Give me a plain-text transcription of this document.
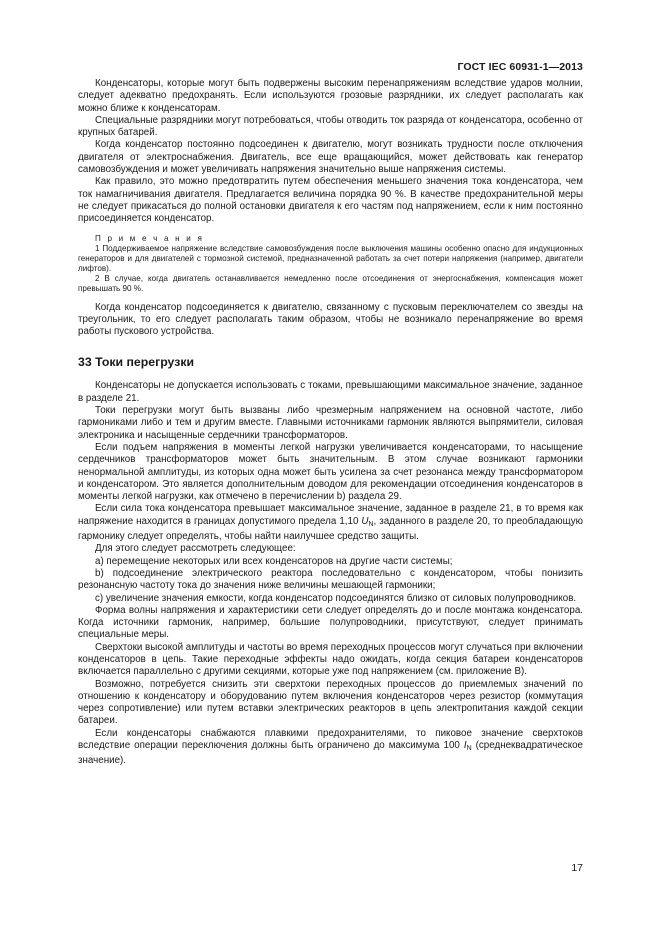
ГОСТ IEC 60931-1—2013

Конденсаторы, которые могут быть подвержены высоким перенапряжениям вследствие ударов молнии, следует адекватно предохранять. Если используются грозовые разрядники, их следует располагать как можно ближе к конденсаторам.

Специальные разрядники могут потребоваться, чтобы отводить ток разряда от конденсатора, особенно от крупных батарей.

Когда конденсатор постоянно подсоединен к двигателю, могут возникать трудности после отключения двигателя от электроснабжения. Двигатель, все еще вращающийся, может действовать как генератор самовозбуждения и может увеличивать напряжения значительно выше напряжения системы.

Как правило, это можно предотвратить путем обеспечения меньшего значения тока конденсатора, чем ток намагничивания двигателя. Предлагается величина порядка 90 %. В качестве предохранительной меры не следует прикасаться до полной остановки двигателя к его частям под напряжением, если к ним постоянно присоединяется конденсатор.

П р и м е ч а н и я

1 Поддерживаемое напряжение вследствие самовозбуждения после выключения машины особенно опасно для индукционных генераторов и для двигателей с тормозной системой, предназначенной работать за счет потери напряжения (например, двигатели лифтов).

2 В случае, когда двигатель останавливается немедленно после отсоединения от энергоснабжения, компенсация может превышать 90 %.

Когда конденсатор подсоединяется к двигателю, связанному с пусковым переключателем со звезды на треугольник, то его следует располагать таким образом, чтобы не возникало перенапряжение во время работы пускового устройства.

33 Токи перегрузки

Конденсаторы не допускается использовать с токами, превышающими максимальное значение, заданное в разделе 21.

Токи перегрузки могут быть вызваны либо чрезмерным напряжением на основной частоте, либо гармониками либо и тем и другим вместе. Главными источниками гармоник являются выпрямители, силовая электроника и насыщенные сердечники трансформаторов.

Если подъем напряжения в моменты легкой нагрузки увеличивается конденсаторами, то насыщение сердечников трансформаторов может быть значительным. В этом случае возникают гармоники ненормальной амплитуды, из которых одна может быть усилена за счет резонанса между трансформатором и конденсатором. Это является дополнительным доводом для рекомендации отсоединения конденсаторов в моменты легкой нагрузки, как отмечено в перечислении b) раздела 29.

Если сила тока конденсатора превышает максимальное значение, заданное в разделе 21, в то время как напряжение находится в границах допустимого предела 1,10 $U_N$, заданного в разделе 20, то преобладающую гармонику следует определять, чтобы найти наилучшее средство защиты.

Для этого следует рассмотреть следующее:

а) перемещение некоторых или всех конденсаторов на другие части системы;

b) подсоединение электрического реактора последовательно с конденсатором, чтобы понизить резонансную частоту тока до значения ниже величины мешающей гармоники;

с) увеличение значения емкости, когда конденсатор подсоединятся близко от силовых полупроводников.

Форма волны напряжения и характеристики сети следует определять до и после монтажа конденсатора. Когда источники гармоник, например, большие полупроводники, присутствуют, следует принимать специальные меры.

Сверхтоки высокой амплитуды и частоты во время переходных процессов могут случаться при включении конденсаторов в цепь. Такие переходные эффекты надо ожидать, когда секция батареи конденсаторов включается параллельно с другими секциями, которые уже под напряжением (см. приложение В).

Возможно, потребуется снизить эти сверхтоки переходных процессов до приемлемых значений по отношению к конденсатору и оборудованию путем включения конденсаторов через резистор (коммутация через сопротивление) или путем вставки электрических реакторов в цепь электропитания каждой секции батареи.

Если конденсаторы снабжаются плавкими предохранителями, то пиковое значение сверхтоков вследствие операции переключения должны быть ограничено до максимума 100 $I_N$ (среднеквадратическое значение).

17
